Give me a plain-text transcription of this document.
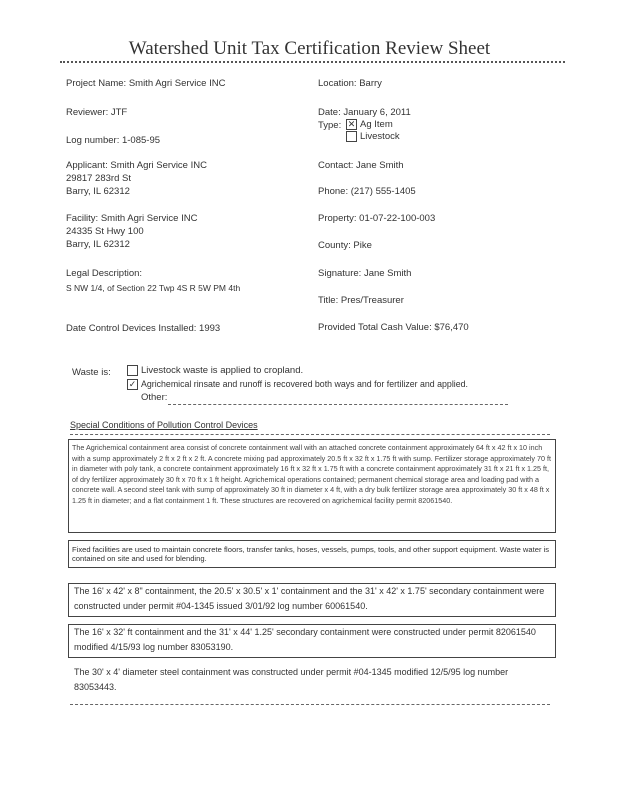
Watershed Unit Tax Certification Review Sheet
Project Name: Smith Agri Service INC	Location: Barry
Reviewer: JTF	Date: January 6, 2011
Type: ✕ Ag Item
Livestock
Log number: 1-085-95
Applicant: Smith Agri Service INC
29817 283rd St
Barry, IL 62312
Contact: Jane Smith
Phone: (217) 555-1405
Facility: Smith Agri Service INC
24335 St Hwy 100
Barry, IL 62312
Property: 01-07-22-100-003
County: Pike
Legal Description:
S NW 1/4, of Section 22 Twp 4S R 5W PM 4th
Signature: Jane Smith
Title: Pres/Treasurer
Date Control Devices Installed: 1993	Provided Total Cash Value: $76,470
Waste is:	Livestock waste is applied to cropland.
✓ Agrichemical rinsate and runoff is recovered both ways and for fertilizer and applied.
Other:
Special Conditions of Pollution Control Devices
The Agrichemical containment area consist of concrete containment wall with an attached concrete containment approximately 64 ft x 42 ft x 10 inch with a sump approximately 2 ft x 2 ft x 2 ft. A concrete mixing pad approximately 20.5 ft x 32 ft x 1.75 ft with sump. Fertilizer storage approximately 70 ft in diameter with poly tank, a concrete containment approximately 16 ft x 32 ft x 1.75 ft with a concrete containment approximately 31 ft x 21 ft x 1.25 ft, of dry fertilizer approximately 30 ft x 70 ft x 1 ft height. Agrichemical operations contained; permanent chemical storage area and loading pad with a concrete wall. A second steel tank with sump of approximately 30 ft in diameter x 4 ft, with a dry bulk fertilizer storage area approximately 30 ft x 48 ft x 1.25 ft in diameter; and a flat containment 1 ft. These structures are recovered on agrichemical facility permit 82061540.
Fixed facilities are used to maintain concrete floors, transfer tanks, hoses, vessels, pumps, tools, and other support equipment. Waste water is contained on site and used for blending.
The 16' x 42' x 8" containment, the 20.5' x 30.5' x 1' containment and the 31' x 42' x 1.75' secondary containment were constructed under permit #04-1345 issued 3/01/92 log number 60061540.
The 16' x 32' ft containment and the 31' x 44' 1.25' secondary containment were constructed under permit 82061540 modified 4/15/93 log number 83053190.
The 30' x 4' diameter steel containment was constructed under permit #04-1345 modified 12/5/95 log number 83053443.
